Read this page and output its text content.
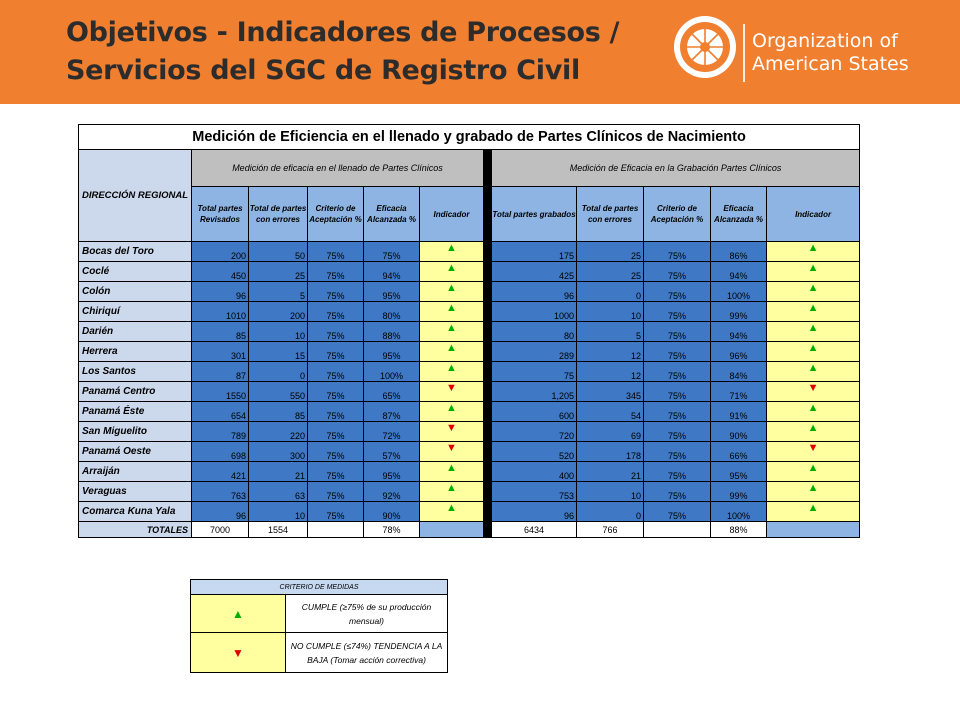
Objetivos - Indicadores de Procesos /
Servicios del SGC de Registro Civil
Organization of
American States
Medición de Eficiencia en el llenado y grabado de Partes Clínicos de Nacimiento											
DIRECCIÓN REGIONAL	Medición de eficacia en el llenado de Partes Clínicos						Medición de Eficacia en la Grabación Partes Clínicos				
	Total partes Revisados	Total de partes con errores	Criterio de Aceptación %	Eficacia Alcanzada %	Indicador		Total partes grabados	Total de partes con errores	Criterio de Aceptación %	Eficacia Alcanzada %	Indicador
Bocas del Toro	200	50	75%	75%	▲		175	25	75%	86%	▲
Coclé	450	25	75%	94%	▲		425	25	75%	94%	▲
Colón	96	5	75%	95%	▲		96	0	75%	100%	▲
Chiriquí	1010	200	75%	80%	▲		1000	10	75%	99%	▲
Darién	85	10	75%	88%	▲		80	5	75%	94%	▲
Herrera	301	15	75%	95%	▲		289	12	75%	96%	▲
Los Santos	87	0	75%	100%	▲		75	12	75%	84%	▲
Panamá Centro	1550	550	75%	65%	▼		1,205	345	75%	71%	▼
Panamá Éste	654	85	75%	87%	▲		600	54	75%	91%	▲
San Miguelito	789	220	75%	72%	▼		720	69	75%	90%	▲
Panamá Oeste	698	300	75%	57%	▼		520	178	75%	66%	▼
Arraiján	421	21	75%	95%	▲		400	21	75%	95%	▲
Veraguas	763	63	75%	92%	▲		753	10	75%	99%	▲
Comarca Kuna Yala	96	10	75%	90%	▲		96	0	75%	100%	▲
TOTALES	7000	1554		78%			6434	766		88%	
CRITERIO DE MEDIDAS	
▲	CUMPLE (≥75% de su producción mensual)
▼	NO CUMPLE (≤74%) TENDENCIA A LA BAJA (Tomar acción correctiva)
